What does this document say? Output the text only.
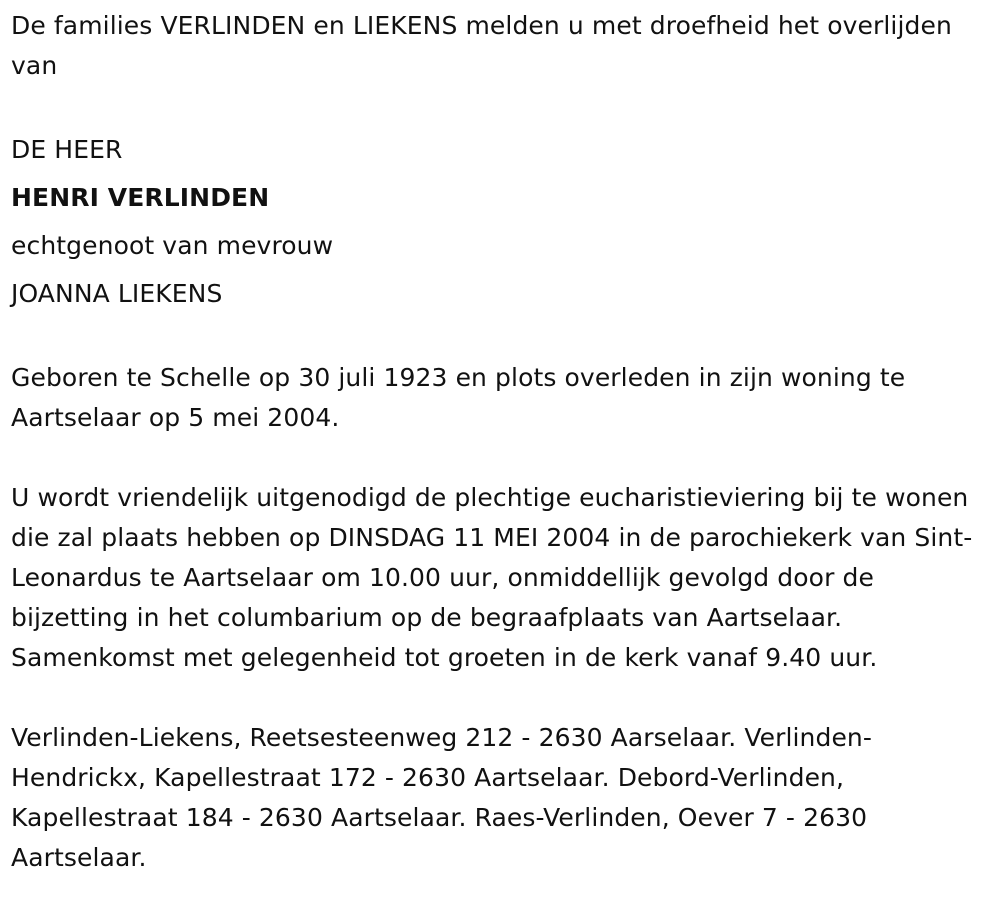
De families VERLINDEN en LIEKENS melden u met droefheid het overlijden van

DE HEER
HENRI VERLINDEN
echtgenoot van mevrouw
JOANNA LIEKENS

Geboren te Schelle op 30 juli 1923 en plots overleden in zijn woning te Aartselaar op 5 mei 2004.

U wordt vriendelijk uitgenodigd de plechtige eucharistieviering bij te wonen die zal plaats hebben op DINSDAG 11 MEI 2004 in de parochiekerk van Sint-Leonardus te Aartselaar om 10.00 uur, onmiddellijk gevolgd door de bijzetting in het columbarium op de begraafplaats van Aartselaar. Samenkomst met gelegenheid tot groeten in de kerk vanaf 9.40 uur.

Verlinden-Liekens, Reetsesteenweg 212 - 2630 Aarselaar. Verlinden-Hendrickx, Kapellestraat 172 - 2630 Aartselaar. Debord-Verlinden, Kapellestraat 184 - 2630 Aartselaar. Raes-Verlinden, Oever 7 - 2630 Aartselaar.
